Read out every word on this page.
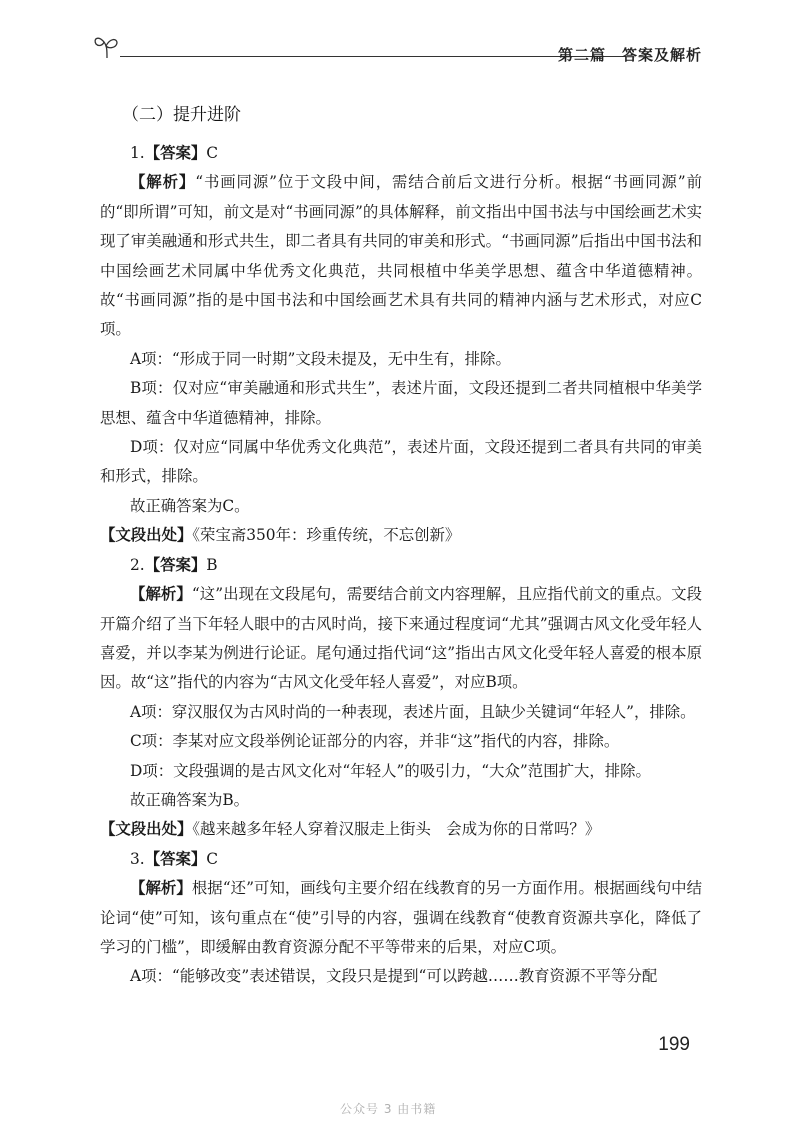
第二篇　答案及解析
（二）提升进阶

1.【答案】C

【解析】“书画同源”位于文段中间，需结合前后文进行分析。根据“书画同源”前的“即所谓”可知，前文是对“书画同源”的具体解释，前文指出中国书法与中国绘画艺术实现了审美融通和形式共生，即二者具有共同的审美和形式。“书画同源”后指出中国书法和中国绘画艺术同属中华优秀文化典范，共同根植中华美学思想、蕴含中华道德精神。故“书画同源”指的是中国书法和中国绘画艺术具有共同的精神内涵与艺术形式，对应C项。

A项：“形成于同一时期”文段未提及，无中生有，排除。

B项：仅对应“审美融通和形式共生”，表述片面，文段还提到二者共同植根中华美学思想、蕴含中华道德精神，排除。

D项：仅对应“同属中华优秀文化典范”，表述片面，文段还提到二者具有共同的审美和形式，排除。

故正确答案为C。

【文段出处】《荣宝斋350年：珍重传统，不忘创新》

2.【答案】B

【解析】“这”出现在文段尾句，需要结合前文内容理解，且应指代前文的重点。文段开篇介绍了当下年轻人眼中的古风时尚，接下来通过程度词“尤其”强调古风文化受年轻人喜爱，并以李某为例进行论证。尾句通过指代词“这”指出古风文化受年轻人喜爱的根本原因。故“这”指代的内容为“古风文化受年轻人喜爱”，对应B项。

A项：穿汉服仅为古风时尚的一种表现，表述片面，且缺少关键词“年轻人”，排除。

C项：李某对应文段举例论证部分的内容，并非“这”指代的内容，排除。

D项：文段强调的是古风文化对“年轻人”的吸引力，“大众”范围扩大，排除。

故正确答案为B。

【文段出处】《越来越多年轻人穿着汉服走上街头　会成为你的日常吗？》

3.【答案】C

【解析】根据“还”可知，画线句主要介绍在线教育的另一方面作用。根据画线句中结论词“使”可知，该句重点在“使”引导的内容，强调在线教育“使教育资源共享化，降低了学习的门槛”，即缓解由教育资源分配不平等带来的后果，对应C项。

A项：“能够改变”表述错误，文段只是提到“可以跨越……教育资源不平等分配

199
公众号 3 由书籍
